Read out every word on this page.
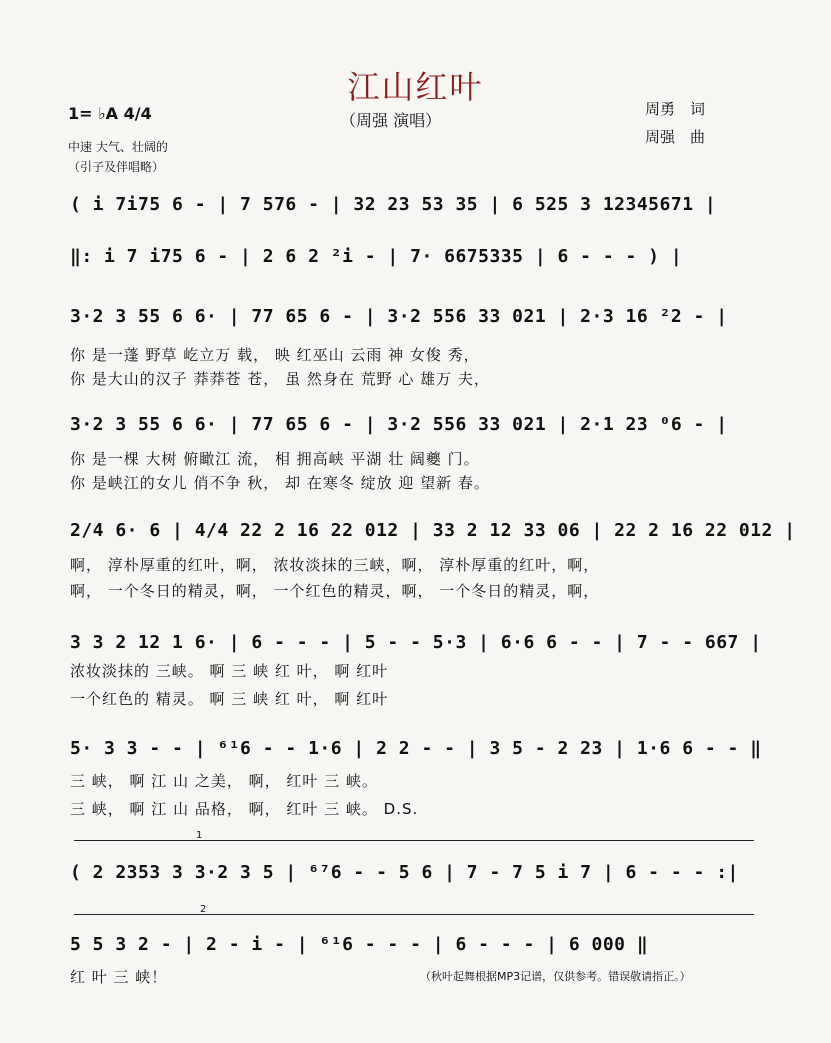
江山红叶
（周强 演唱）
1= ♭A 4/4
中速 大气、壮阔的
（引子及伴唱略）
周勇　词
周强　曲
( i 7i75 6 - | 7 576 - | 32 23 53 35 | 6 525 3 12345671 |
‖: i 7 i75 6 - | 2 6 2 ²i - | 7· 6675335 | 6 - - - ) |
3·2 3 55 6 6· | 77 65 6 - | 3·2 556 33 021 | 2·3 16 ²2 - |
你 是一蓬 野草 屹立万 载， 映 红巫山 云雨 神 女俊 秀，
你 是大山的汉子 莽莽苍 苍， 虽 然身在 荒野 心 雄万 夫，
3·2 3 55 6 6· | 77 65 6 - | 3·2 556 33 021 | 2·1 23 ⁰6 - |
你 是一棵 大树 俯瞰江 流， 相 拥高峡 平湖 壮 阔夔 门。
你 是峡江的女儿 俏不争 秋， 却 在寒冬 绽放 迎 望新 春。
2/4 6· 6 | 4/4 22 2 16 22 012 | 33 2 12 33 06 | 22 2 16 22 012 |
啊， 淳朴厚重的红叶，啊， 浓妆淡抹的三峡，啊， 淳朴厚重的红叶，啊，
啊， 一个冬日的精灵，啊， 一个红色的精灵，啊， 一个冬日的精灵，啊，
3 3 2 12 1 6· | 6 - - - | 5 - - 5·3 | 6·6 6 - - | 7 - - 667 |
浓妆淡抹的 三峡。 啊 三 峡 红 叶， 啊 红叶
一个红色的 精灵。 啊 三 峡 红 叶， 啊 红叶
5· 3 3 - - | ⁶¹6 - - 1·6 | 2 2 - - | 3 5 - 2 23 | 1·6 6 - - ‖
三 峡， 啊 江 山 之美， 啊， 红叶 三 峡。
三 峡， 啊 江 山 品格， 啊， 红叶 三 峡。 D.S.
1
( 2 2353 3 3·2 3 5 | ⁶⁷6 - - 5 6 | 7 - 7 5 i 7 | 6 - - - :|
2
5 5 3 2 - | 2 - i - | ⁶¹6 - - - | 6 - - - | 6 000 ‖
红 叶 三 峡！	（秋叶起舞根据MP3记谱，仅供参考。错误敬请指正。）
